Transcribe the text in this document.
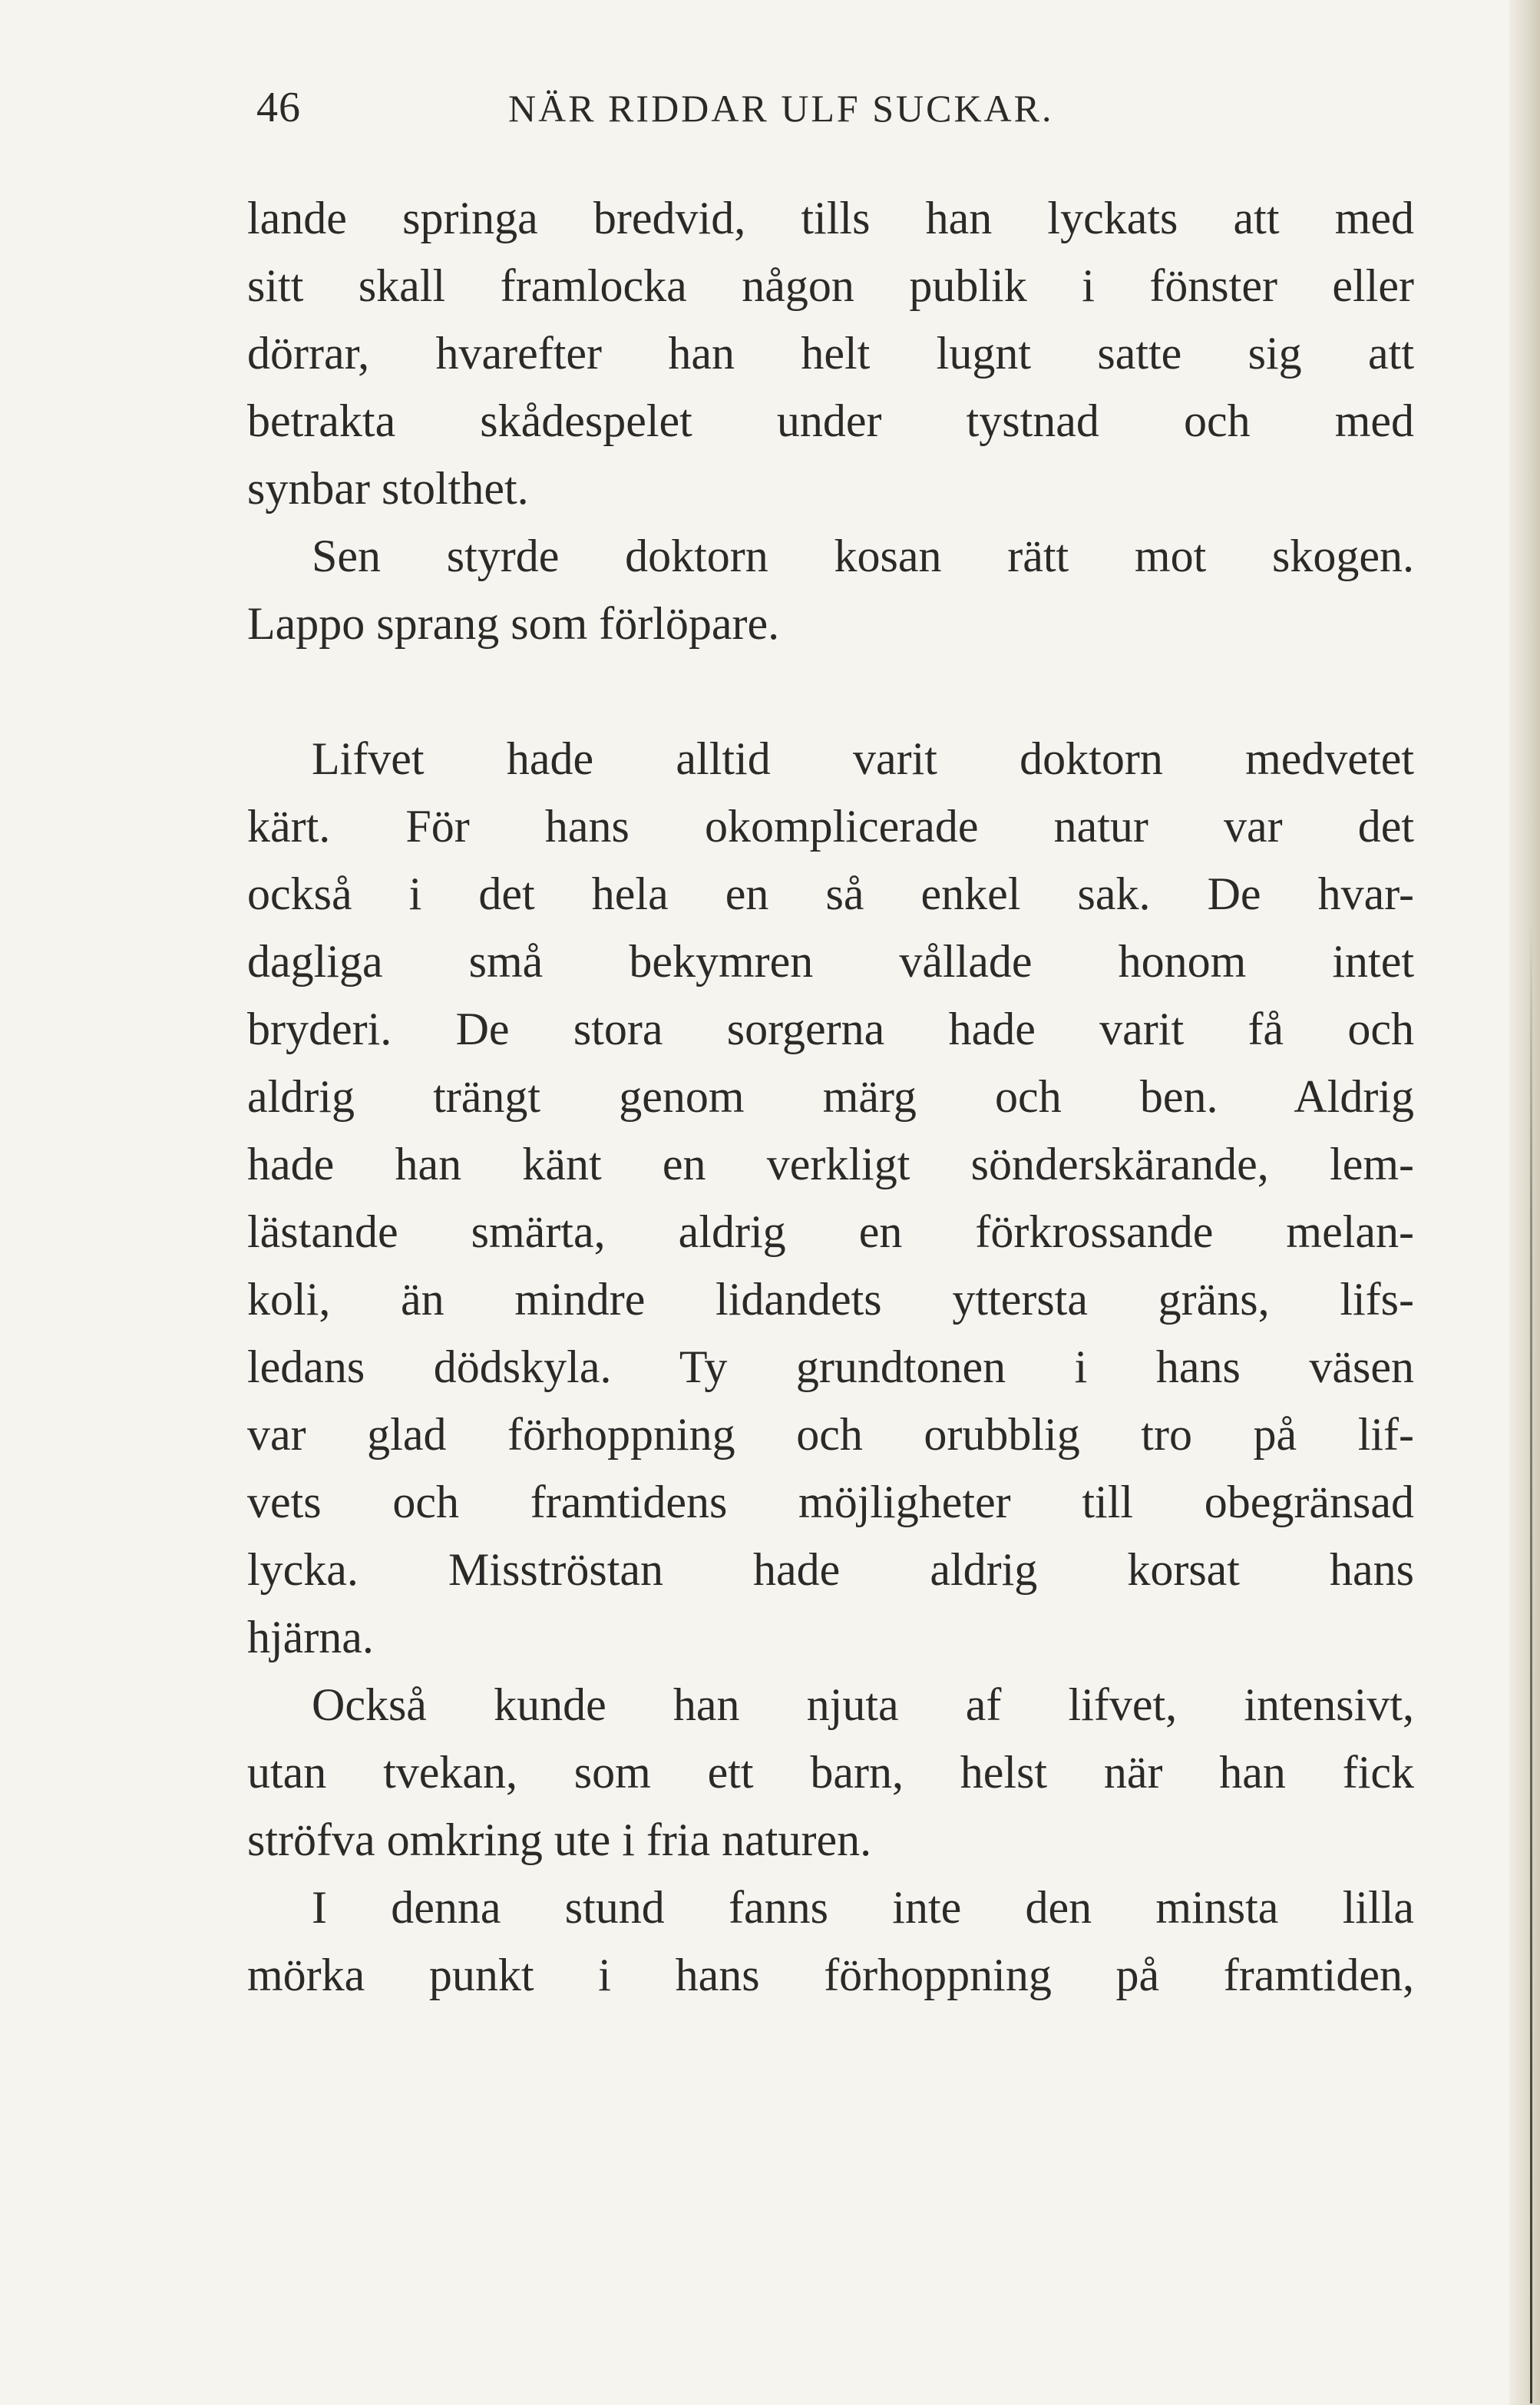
46	NÄR RIDDAR ULF SUCKAR.
lande springa bredvid, tills han lyckats att med
sitt skall framlocka någon publik i fönster eller
dörrar, hvarefter han helt lugnt satte sig att
betrakta skådespelet under tystnad och med
synbar stolthet.
Sen styrde doktorn kosan rätt mot skogen.
Lappo sprang som förlöpare.
Lifvet hade alltid varit doktorn medvetet
kärt. För hans okomplicerade natur var det
också i det hela en så enkel sak. De hvar-
dagliga små bekymren vållade honom intet
bryderi. De stora sorgerna hade varit få och
aldrig trängt genom märg och ben. Aldrig
hade han känt en verkligt sönderskärande, lem-
lästande smärta, aldrig en förkrossande melan-
koli, än mindre lidandets yttersta gräns, lifs-
ledans dödskyla. Ty grundtonen i hans väsen
var glad förhoppning och orubblig tro på lif-
vets och framtidens möjligheter till obegränsad
lycka. Misströstan hade aldrig korsat hans
hjärna.
Också kunde han njuta af lifvet, intensivt,
utan tvekan, som ett barn, helst när han fick
ströfva omkring ute i fria naturen.
I denna stund fanns inte den minsta lilla
mörka punkt i hans förhoppning på framtiden,
